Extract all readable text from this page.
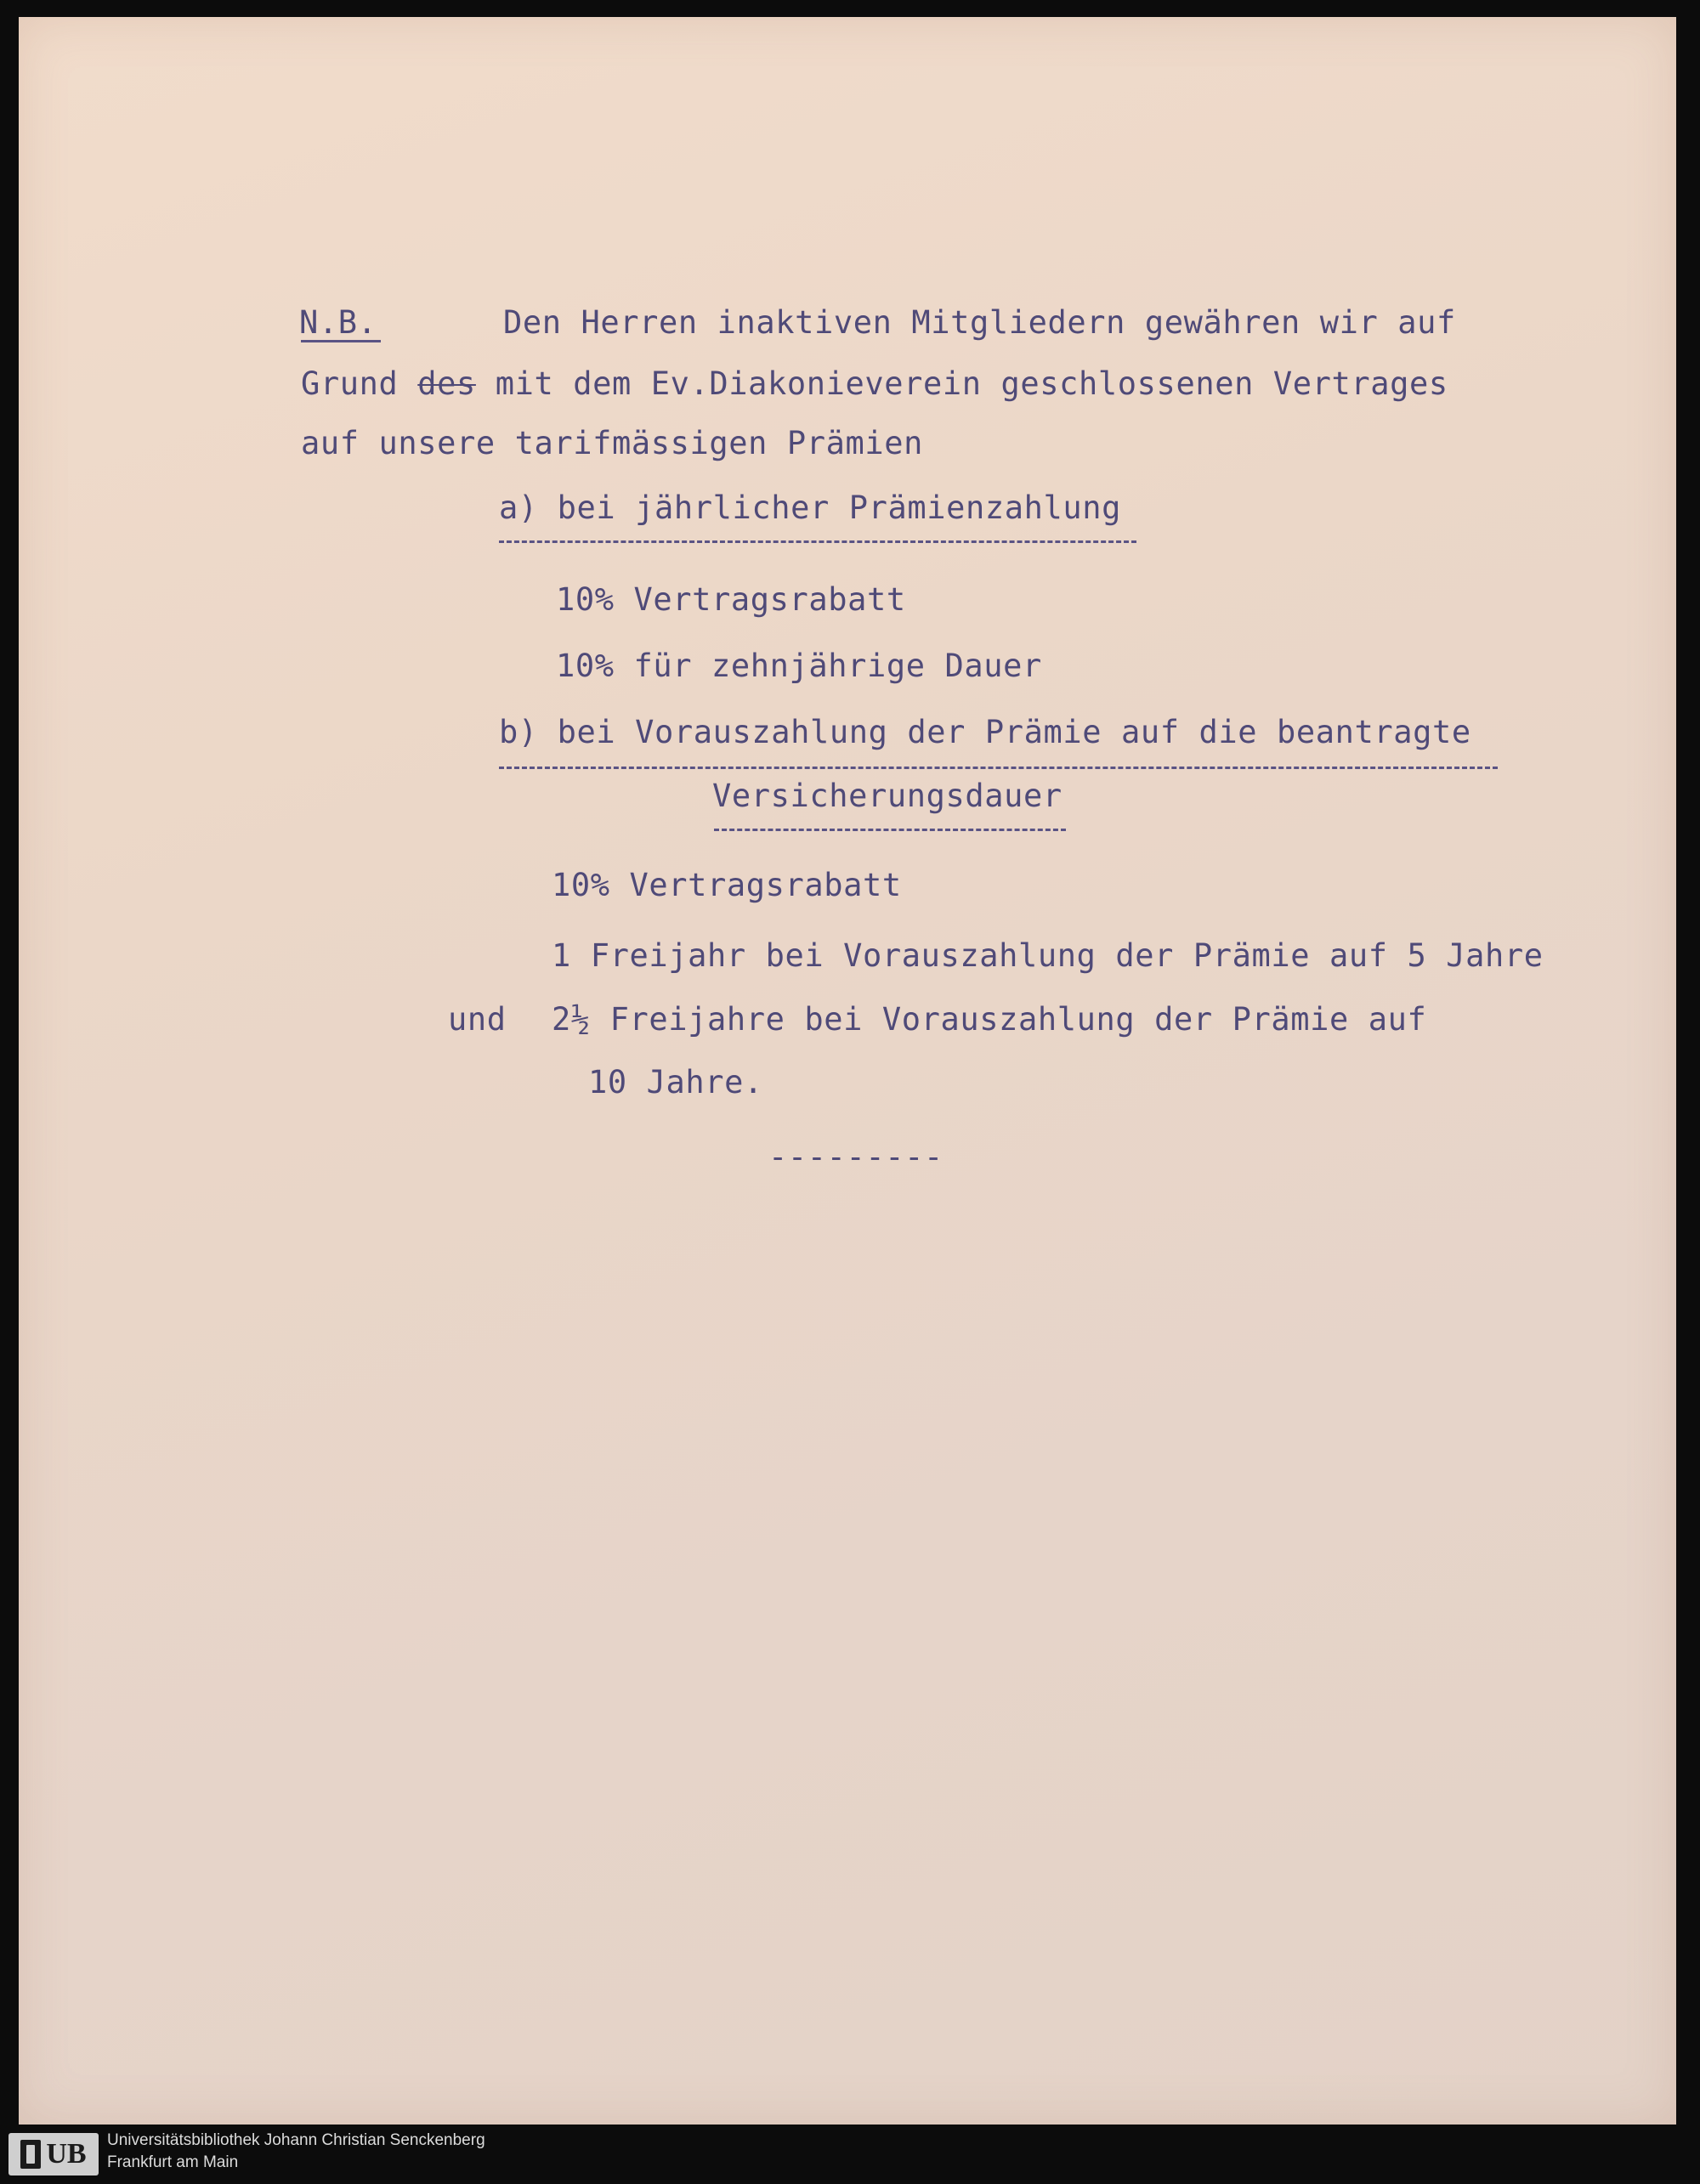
N.B.	Den Herren inaktiven Mitgliedern gewähren wir auf
Grund des mit dem Ev.Diakonieverein geschlossenen Vertrages
auf unsere tarifmässigen Prämien
a) bei jährlicher Prämienzahlung
10% Vertragsrabatt
10% für zehnjährige Dauer
b) bei Vorauszahlung der Prämie auf die beantragte
Versicherungsdauer
10% Vertragsrabatt
1 Freijahr bei Vorauszahlung der Prämie auf 5 Jahre
und 2½ Freijahre bei Vorauszahlung der Prämie auf
10 Jahre.
---------
UB Universitätsbibliothek Johann Christian Senckenberg
Frankfurt am Main
